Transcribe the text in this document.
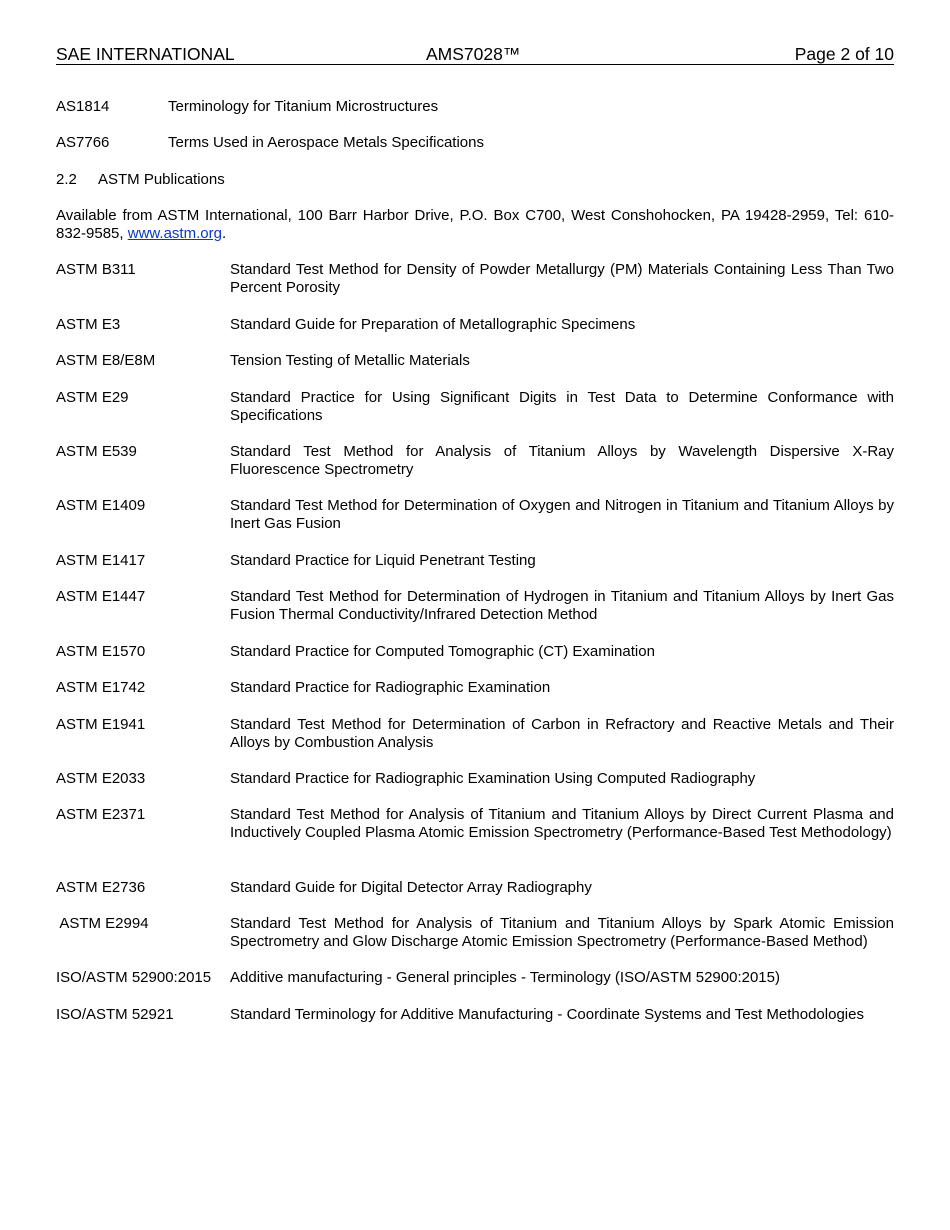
SAE INTERNATIONAL	AMS7028™	Page 2 of 10
AS1814	Terminology for Titanium Microstructures
AS7766	Terms Used in Aerospace Metals Specifications
2.2 ASTM Publications
Available from ASTM International, 100 Barr Harbor Drive, P.O. Box C700, West Conshohocken, PA 19428-2959, Tel: 610-832-9585, www.astm.org.
ASTM B311	Standard Test Method for Density of Powder Metallurgy (PM) Materials Containing Less Than Two Percent Porosity
ASTM E3	Standard Guide for Preparation of Metallographic Specimens
ASTM E8/E8M	Tension Testing of Metallic Materials
ASTM E29	Standard Practice for Using Significant Digits in Test Data to Determine Conformance with Specifications
ASTM E539	Standard Test Method for Analysis of Titanium Alloys by Wavelength Dispersive X-Ray Fluorescence Spectrometry
ASTM E1409	Standard Test Method for Determination of Oxygen and Nitrogen in Titanium and Titanium Alloys by Inert Gas Fusion
ASTM E1417	Standard Practice for Liquid Penetrant Testing
ASTM E1447	Standard Test Method for Determination of Hydrogen in Titanium and Titanium Alloys by Inert Gas Fusion Thermal Conductivity/Infrared Detection Method
ASTM E1570	Standard Practice for Computed Tomographic (CT) Examination
ASTM E1742	Standard Practice for Radiographic Examination
ASTM E1941	Standard Test Method for Determination of Carbon in Refractory and Reactive Metals and Their Alloys by Combustion Analysis
ASTM E2033	Standard Practice for Radiographic Examination Using Computed Radiography
ASTM E2371	Standard Test Method for Analysis of Titanium and Titanium Alloys by Direct Current Plasma and Inductively Coupled Plasma Atomic Emission Spectrometry (Performance-Based Test Methodology)
ASTM E2736	Standard Guide for Digital Detector Array Radiography
ASTM E2994	Standard Test Method for Analysis of Titanium and Titanium Alloys by Spark Atomic Emission Spectrometry and Glow Discharge Atomic Emission Spectrometry (Performance-Based Method)
ISO/ASTM 52900:2015 Additive manufacturing - General principles - Terminology (ISO/ASTM 52900:2015)
ISO/ASTM 52921	Standard Terminology for Additive Manufacturing - Coordinate Systems and Test Methodologies
